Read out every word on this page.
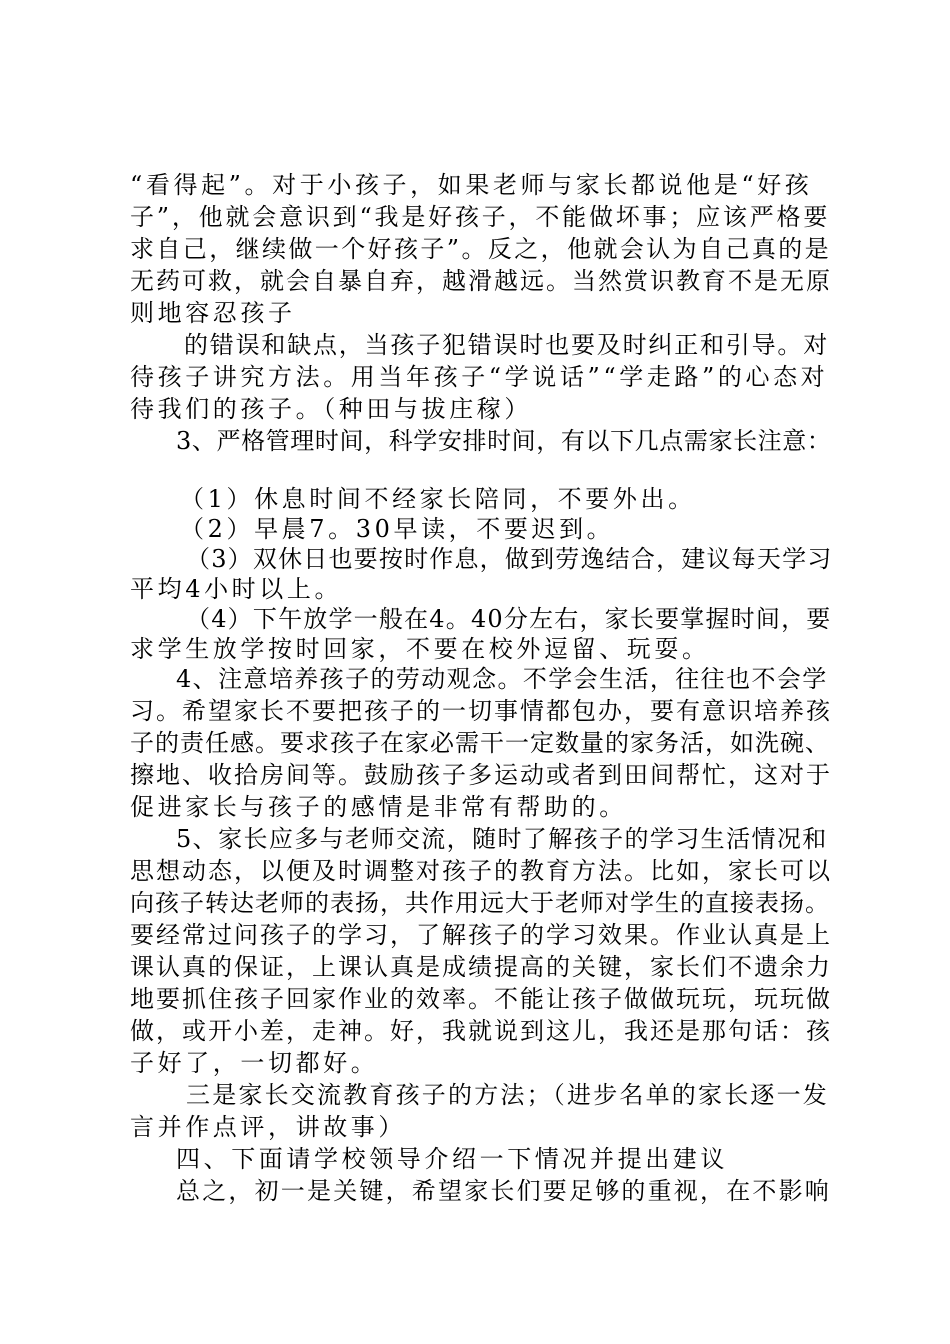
“看得起”。对于小孩子，如果老师与家长都说他是“好孩
子”，他就会意识到“我是好孩子，不能做坏事；应该严格要
求自己，继续做一个好孩子”。反之，他就会认为自己真的是
无药可救，就会自暴自弃，越滑越远。当然赏识教育不是无原
则地容忍孩子
的错误和缺点，当孩子犯错误时也要及时纠正和引导。对
待孩子讲究方法。用当年孩子“学说话”“学走路”的心态对
待我们的孩子。（种田与拔庄稼）
3、严格管理时间，科学安排时间，有以下几点需家长注意：
（1）休息时间不经家长陪同，不要外出。
（2）早晨7。30早读，不要迟到。
（3）双休日也要按时作息，做到劳逸结合，建议每天学习
平均4小时以上。
（4）下午放学一般在4。40分左右，家长要掌握时间，要
求学生放学按时回家，不要在校外逗留、玩耍。
4、注意培养孩子的劳动观念。不学会生活，往往也不会学
习。希望家长不要把孩子的一切事情都包办，要有意识培养孩
子的责任感。要求孩子在家必需干一定数量的家务活，如洗碗、
擦地、收拾房间等。鼓励孩子多运动或者到田间帮忙，这对于
促进家长与孩子的感情是非常有帮助的。
5、家长应多与老师交流，随时了解孩子的学习生活情况和
思想动态，以便及时调整对孩子的教育方法。比如，家长可以
向孩子转达老师的表扬，共作用远大于老师对学生的直接表扬。
要经常过问孩子的学习，了解孩子的学习效果。作业认真是上
课认真的保证，上课认真是成绩提高的关键，家长们不遗余力
地要抓住孩子回家作业的效率。不能让孩子做做玩玩，玩玩做
做，或开小差，走神。好，我就说到这儿，我还是那句话：孩
子好了，一切都好。
三是家长交流教育孩子的方法；（进步名单的家长逐一发
言并作点评，讲故事）
四、下面请学校领导介绍一下情况并提出建议
总之，初一是关键，希望家长们要足够的重视，在不影响
